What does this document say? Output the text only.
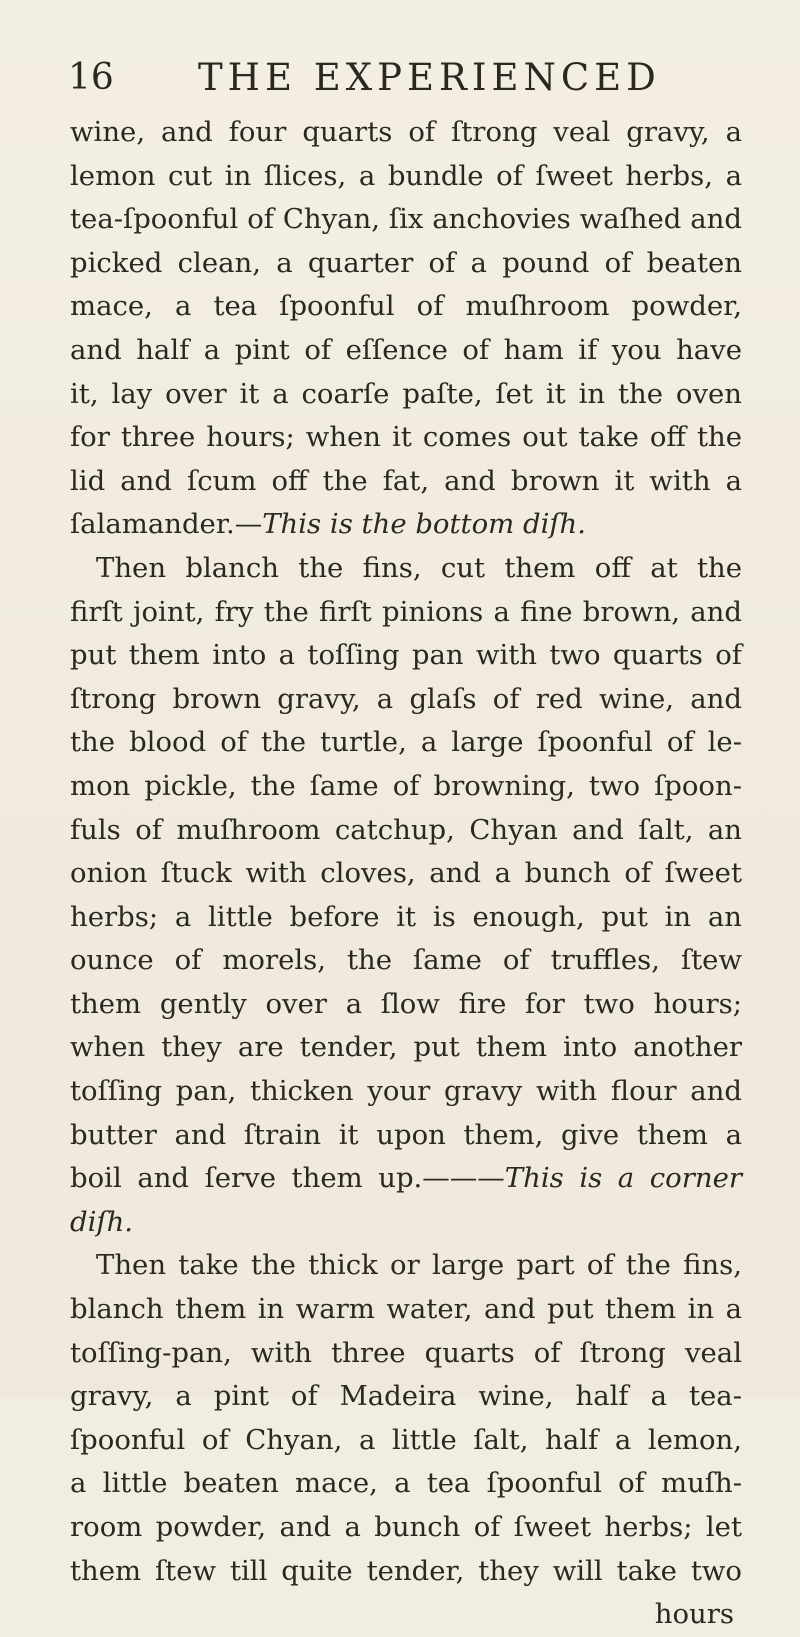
16 THE EXPERIENCED
wine, and four quarts of ſtrong veal gravy, a
lemon cut in ſlices, a bundle of ſweet herbs, a
tea-ſpoonful of Chyan, ſix anchovies waſhed and
picked clean, a quarter of a pound of beaten
mace, a tea ſpoonful of muſhroom powder,
and half a pint of eſſence of ham if you have
it, lay over it a coarſe paſte, ſet it in the oven
for three hours; when it comes out take off the
lid and ſcum off the fat, and brown it with a
ſalamander.—This is the bottom diſh.
Then blanch the fins, cut them off at the
firſt joint, fry the firſt pinions a fine brown, and
put them into a toſſing pan with two quarts of
ſtrong brown gravy, a glaſs of red wine, and
the blood of the turtle, a large ſpoonful of le-
mon pickle, the ſame of browning, two ſpoon-
fuls of muſhroom catchup, Chyan and ſalt, an
onion ſtuck with cloves, and a bunch of ſweet
herbs; a little before it is enough, put in an
ounce of morels, the ſame of truffles, ſtew
them gently over a ſlow fire for two hours;
when they are tender, put them into another
toſſing pan, thicken your gravy with flour and
butter and ſtrain it upon them, give them a
boil and ſerve them up.———This is a corner
diſh.
Then take the thick or large part of the fins,
blanch them in warm water, and put them in a
toſſing-pan, with three quarts of ſtrong veal
gravy, a pint of Madeira wine, half a tea-
ſpoonful of Chyan, a little ſalt, half a lemon,
a little beaten mace, a tea ſpoonful of muſh-
room powder, and a bunch of ſweet herbs; let
them ſtew till quite tender, they will take two
hours
